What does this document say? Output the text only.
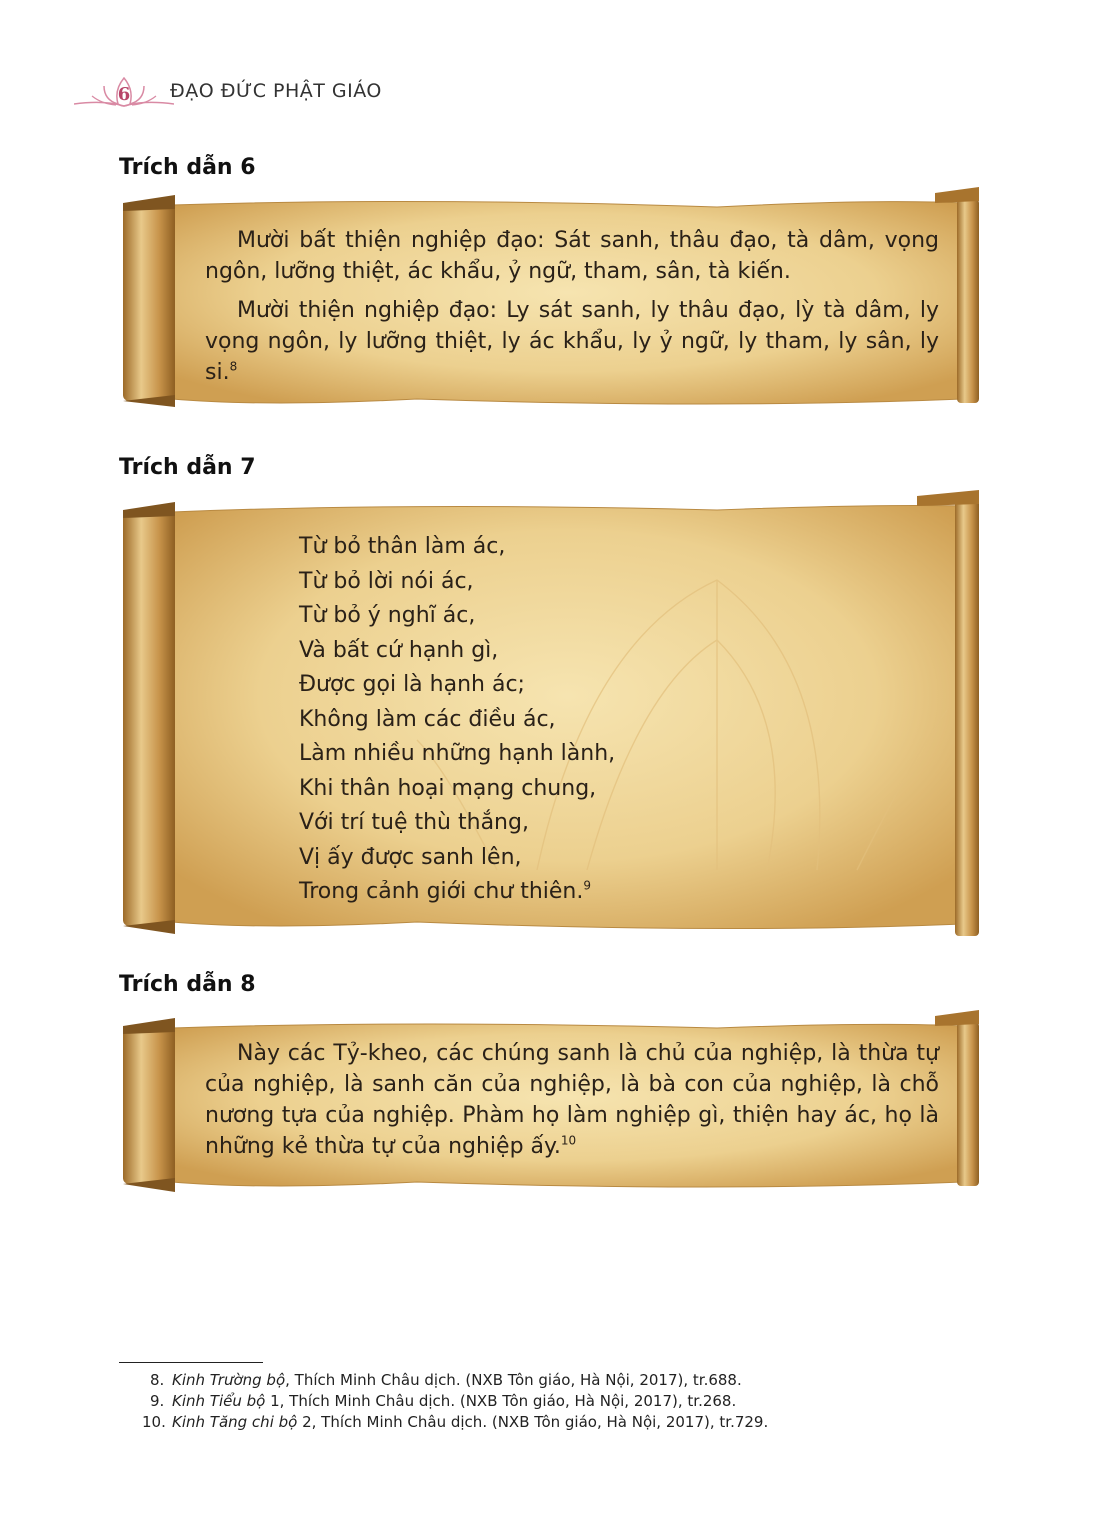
6	ĐẠO ĐỨC PHẬT GIÁO
Trích dẫn 6

Mười bất thiện nghiệp đạo: Sát sanh, thâu đạo, tà dâm, vọng ngôn, lưỡng thiệt, ác khẩu, ỷ ngữ, tham, sân, tà kiến.

Mười thiện nghiệp đạo: Ly sát sanh, ly thâu đạo, lỳ tà dâm, ly vọng ngôn, ly lưỡng thiệt, ly ác khẩu, ly ỷ ngữ, ly tham, ly sân, ly si.$^8$

Trích dẫn 7
Từ bỏ thân làm ác,
Từ bỏ lời nói ác,
Từ bỏ ý nghĩ ác,
Và bất cứ hạnh gì,
Được gọi là hạnh ác;
Không làm các điều ác,
Làm nhiều những hạnh lành,
Khi thân hoại mạng chung,
Với trí tuệ thù thắng,
Vị ấy được sanh lên,
Trong cảnh giới chư thiên.$^9$
Trích dẫn 8

Này các Tỷ-kheo, các chúng sanh là chủ của nghiệp, là thừa tự của nghiệp, là sanh căn của nghiệp, là bà con của nghiệp, là chỗ nương tựa của nghiệp. Phàm họ làm nghiệp gì, thiện hay ác, họ là những kẻ thừa tự của nghiệp ấy.$^{10}$

8. Kinh Trường bộ, Thích Minh Châu dịch. (NXB Tôn giáo, Hà Nội, 2017), tr.688.
9. Kinh Tiểu bộ 1, Thích Minh Châu dịch. (NXB Tôn giáo, Hà Nội, 2017), tr.268.
10. Kinh Tăng chi bộ 2, Thích Minh Châu dịch. (NXB Tôn giáo, Hà Nội, 2017), tr.729.
